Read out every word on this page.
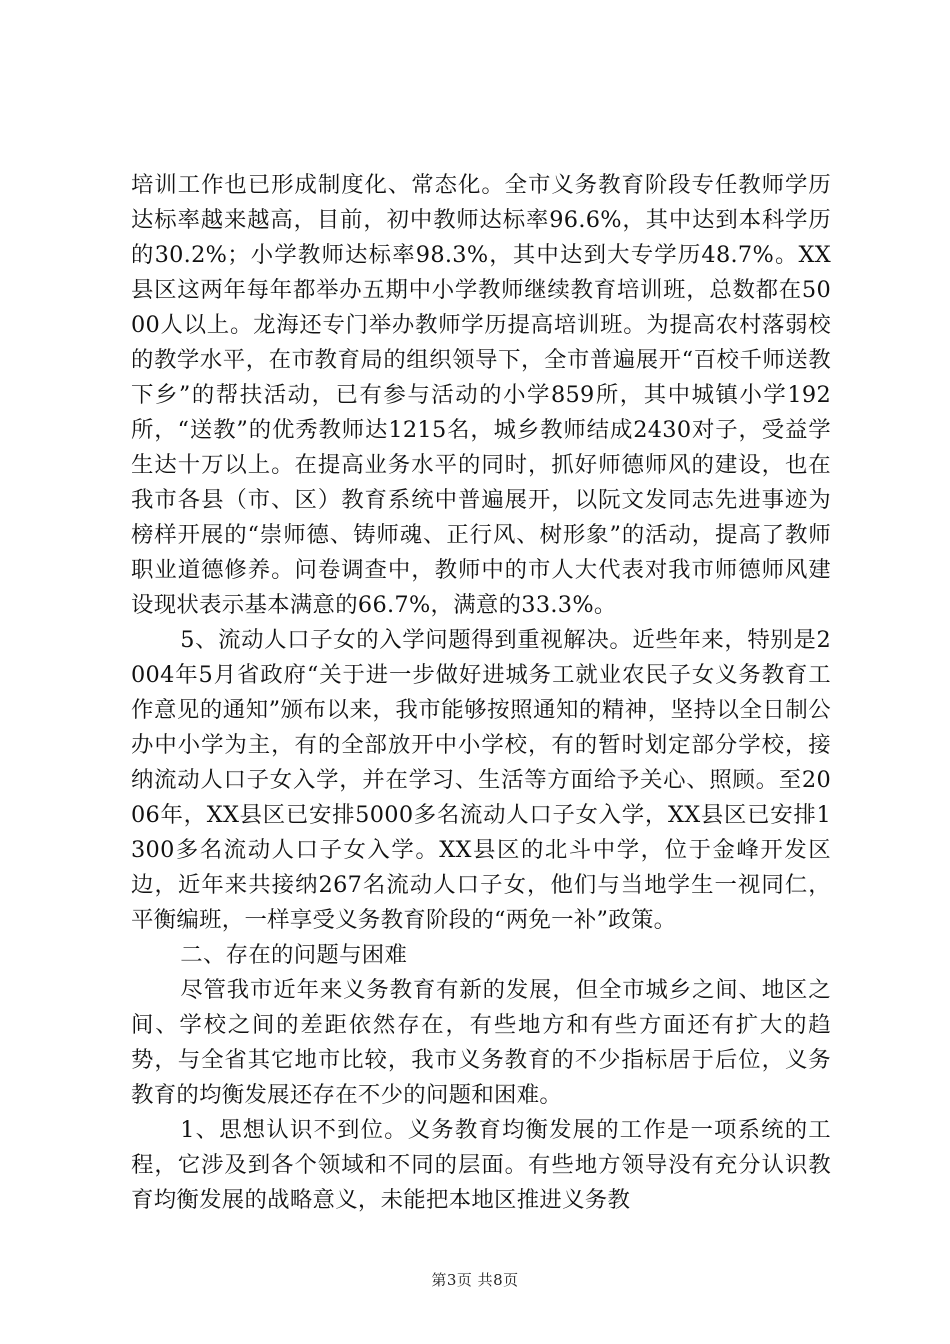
培训工作也已形成制度化、常态化。全市义务教育阶段专任教师学历达标率越来越高，目前，初中教师达标率96.6%，其中达到本科学历的30.2%；小学教师达标率98.3%，其中达到大专学历48.7%。XX县区这两年每年都举办五期中小学教师继续教育培训班，总数都在5000人以上。龙海还专门举办教师学历提高培训班。为提高农村落弱校的教学水平，在市教育局的组织领导下，全市普遍展开“百校千师送教下乡”的帮扶活动，已有参与活动的小学859所，其中城镇小学192所，“送教”的优秀教师达1215名，城乡教师结成2430对子，受益学生达十万以上。在提高业务水平的同时，抓好师德师风的建设，也在我市各县（市、区）教育系统中普遍展开，以阮文发同志先进事迹为榜样开展的“崇师德、铸师魂、正行风、树形象”的活动，提高了教师职业道德修养。问卷调查中，教师中的市人大代表对我市师德师风建设现状表示基本满意的66.7%，满意的33.3%。

5、流动人口子女的入学问题得到重视解决。近些年来，特别是2004年5月省政府“关于进一步做好进城务工就业农民子女义务教育工作意见的通知”颁布以来，我市能够按照通知的精神，坚持以全日制公办中小学为主，有的全部放开中小学校，有的暂时划定部分学校，接纳流动人口子女入学，并在学习、生活等方面给予关心、照顾。至2006年，XX县区已安排5000多名流动人口子女入学，XX县区已安排1300多名流动人口子女入学。XX县区的北斗中学，位于金峰开发区边，近年来共接纳267名流动人口子女，他们与当地学生一视同仁，平衡编班，一样享受义务教育阶段的“两免一补”政策。

二、存在的问题与困难

尽管我市近年来义务教育有新的发展，但全市城乡之间、地区之间、学校之间的差距依然存在，有些地方和有些方面还有扩大的趋势，与全省其它地市比较，我市义务教育的不少指标居于后位，义务教育的均衡发展还存在不少的问题和困难。

1、思想认识不到位。义务教育均衡发展的工作是一项系统的工程，它涉及到各个领域和不同的层面。有些地方领导没有充分认识教育均衡发展的战略意义，未能把本地区推进义务教

第3页 共8页
